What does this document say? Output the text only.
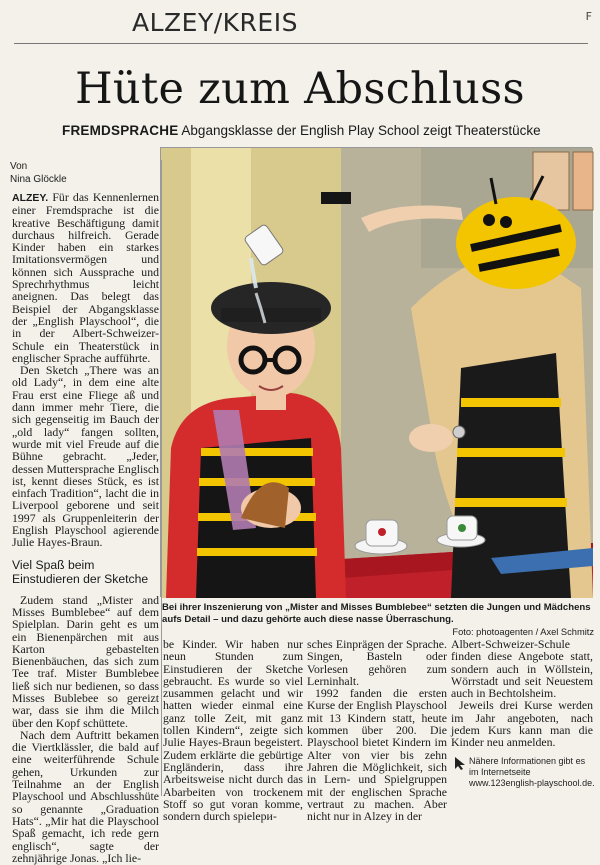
ALZEY/KREIS	F
Hüte zum Abschluss
FREMDSPRACHE Abgangsklasse der English Play School zeigt Theaterstücke
Von
Nina Glöckle

ALZEY. Für das Kennenlernen einer Fremdsprache ist die kreative Beschäftigung damit durchaus hilfreich. Gerade Kinder haben ein starkes Imitationsvermögen und können sich Aussprache und Sprechrhythmus leicht aneignen. Das belegt das Beispiel der Abgangsklasse der „English Playschool“, die in der Albert-Schweizer-Schule ein Theaterstück in englischer Sprache aufführte.

Den Sketch „There was an old Lady“, in dem eine alte Frau erst eine Fliege aß und dann immer mehr Tiere, die sich gegenseitig im Bauch der „old lady“ fangen sollten, wurde mit viel Freude auf die Bühne gebracht. „Jeder, dessen Muttersprache Englisch ist, kennt dieses Stück, es ist einfach Tradition“, lacht die in Liverpool geborene und seit 1997 als Gruppenleiterin der English Playschool agierende Julie Hayes-Braun.

Viel Spaß beim Einstudieren der Sketche

Zudem stand „Mister and Misses Bumblebee“ auf dem Spielplan. Darin geht es um ein Bienenpärchen mit aus Karton gebastelten Bienenbäuchen, das sich zum Tee traf. Mister Bumblebee ließ sich nur bedienen, so dass Misses Bublebee so gereizt war, dass sie ihm die Milch über den Kopf schüttete.

Nach dem Auftritt bekamen die Viertklässler, die bald auf eine weiterführende Schule gehen, Urkunden zur Teilnahme an der English Playschool und Abschlusshüte so genannte „Graduation Hats“. „Mir hat die Playschool Spaß gemacht, ich rede gern englisch“, sagte der zehnjährige Jonas. „Ich lie-

Bei ihrer Inszenierung von „Mister and Misses Bumblebee“ setzten die Jungen und Mädchens aufs Detail – und dazu gehörte auch diese nasse Überraschung.
Foto: photoagenten / Axel Schmitz

be Kinder. Wir haben nur neun Stunden zum Einstudieren der Sketche gebraucht. Es wurde so viel zusammen gelacht und wir hatten wieder einmal eine ganz tolle Zeit, mit ganz tollen Kindern“, zeigte sich Julie Hayes-Braun begeistert. Zudem erklärte die gebürtige Engländerin, dass ihre Arbeitsweise nicht durch das Abarbeiten von trockenem Stoff so gut voran komme, sondern durch spielери-

sches Einprägen der Sprache. Singen, Basteln oder Vorlesen gehören zum Lerninhalt.

1992 fanden die ersten Kurse der English Playschool mit 13 Kindern statt, heute kommen über 200. Die Playschool bietet Kindern im Alter von vier bis zehn Jahren die Möglichkeit, sich in Lern- und Spielgruppen mit der englischen Sprache vertraut zu machen. Aber nicht nur in Alzey in der

Albert-Schweizer-Schule finden diese Angebote statt, sondern auch in Wöllstein, Wörrstadt und seit Neuestem auch in Bechtolsheim.

Jeweils drei Kurse werden im Jahr angeboten, nach jedem Kurs kann man die Kinder neu anmelden.

Nähere Informationen gibt es im Internetseite www.123english-playschool.de.
